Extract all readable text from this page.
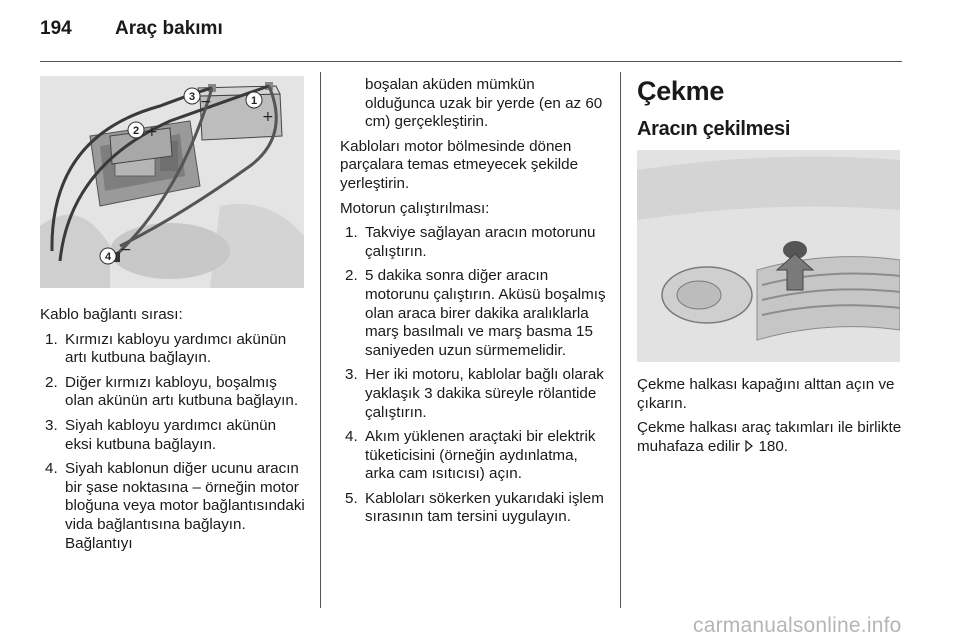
194 Araç bakımı
1
2
3
4
+
+
−
−

Kablo bağlantı sırası:

1. Kırmızı kabloyu yardımcı akünün artı kutbuna bağlayın.
2. Diğer kırmızı kabloyu, boşalmış olan akünün artı kutbuna bağlayın.
3. Siyah kabloyu yardımcı akünün eksi kutbuna bağlayın.
4. Siyah kablonun diğer ucunu aracın bir şase noktasına – örneğin motor bloğuna veya motor bağlantısındaki vida bağlantısına bağlayın. Bağlantıyı

boşalan aküden mümkün olduğunca uzak bir yerde (en az 60 cm) gerçekleştirin.

Kabloları motor bölmesinde dönen parçalara temas etmeyecek şekilde yerleştirin.

Motorun çalıştırılması:

1. Takviye sağlayan aracın motorunu çalıştırın.
2. 5 dakika sonra diğer aracın motorunu çalıştırın. Aküsü boşalmış olan araca birer dakika aralıklarla marş basılmalı ve marş basma 15 saniyeden uzun sürmemelidir.
3. Her iki motoru, kablolar bağlı olarak yaklaşık 3 dakika süreyle rölantide çalıştırın.
4. Akım yüklenen araçtaki bir elektrik tüketicisini (örneğin aydınlatma, arka cam ısıtıcısı) açın.
5. Kabloları sökerken yukarıdaki işlem sırasının tam tersini uygulayın.
Çekme
Aracın çekilmesi

Çekme halkası kapağını alttan açın ve çıkarın.

Çekme halkası araç takımları ile birlikte muhafaza edilir 180.

carmanualsonline.info
